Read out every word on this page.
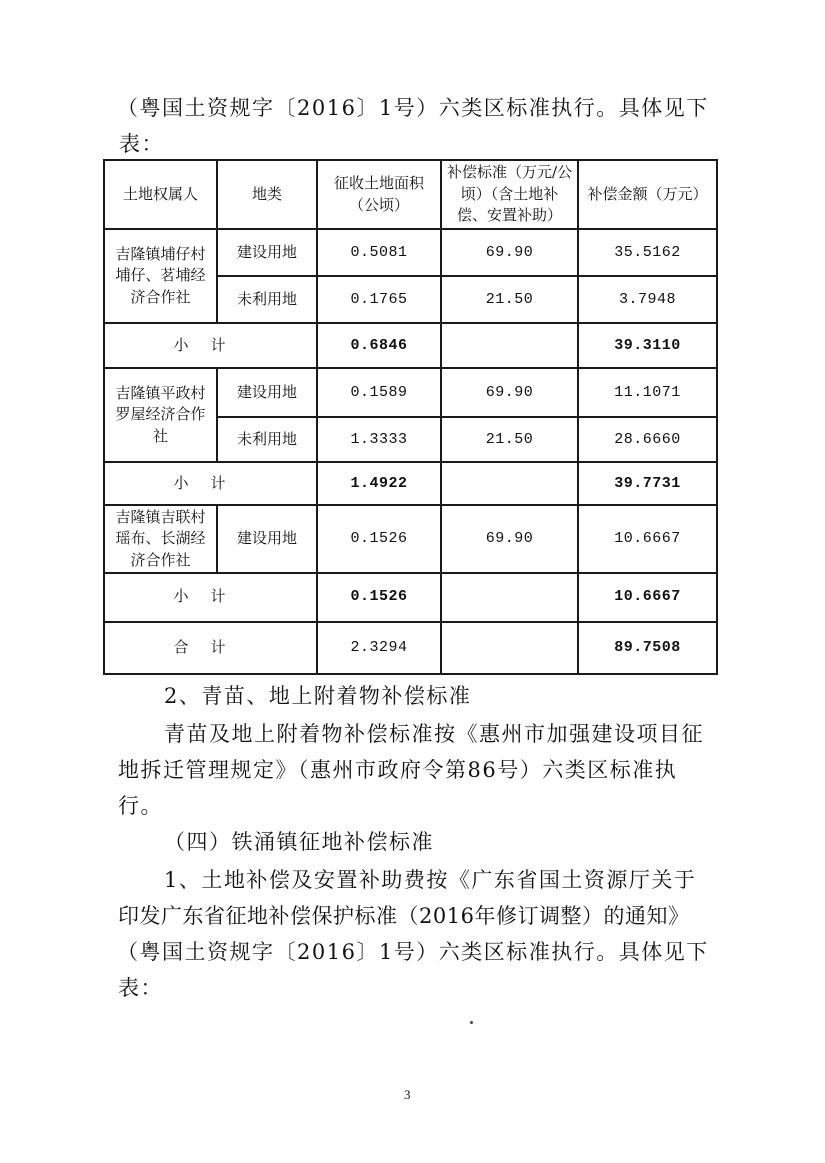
（粤国土资规字〔2016〕1号）六类区标准执行。具体见下
表：
土地权属人	地类	征收土地面积（公顷）	补偿标准（万元/公顷）（含土地补偿、安置补助）	补偿金额（万元）
吉隆镇埔仔村埔仔、茗埔经济合作社	建设用地	0.5081	69.90	35.5162
	未利用地	0.1765	21.50	3.7948
小计		0.6846		39.3110
吉隆镇平政村罗屋经济合作社	建设用地	0.1589	69.90	11.1071
	未利用地	1.3333	21.50	28.6660
小计		1.4922		39.7731
吉隆镇吉联村瑶布、长湖经济合作社	建设用地	0.1526	69.90	10.6667
小计		0.1526		10.6667
合计		2.3294		89.7508
2、青苗、地上附着物补偿标准
青苗及地上附着物补偿标准按《惠州市加强建设项目征
地拆迁管理规定》（惠州市政府令第86号）六类区标准执
行。
（四）铁涌镇征地补偿标准
1、土地补偿及安置补助费按《广东省国土资源厅关于
印发广东省征地补偿保护标准（2016年修订调整）的通知》
（粤国土资规字〔2016〕1号）六类区标准执行。具体见下
表：
3
